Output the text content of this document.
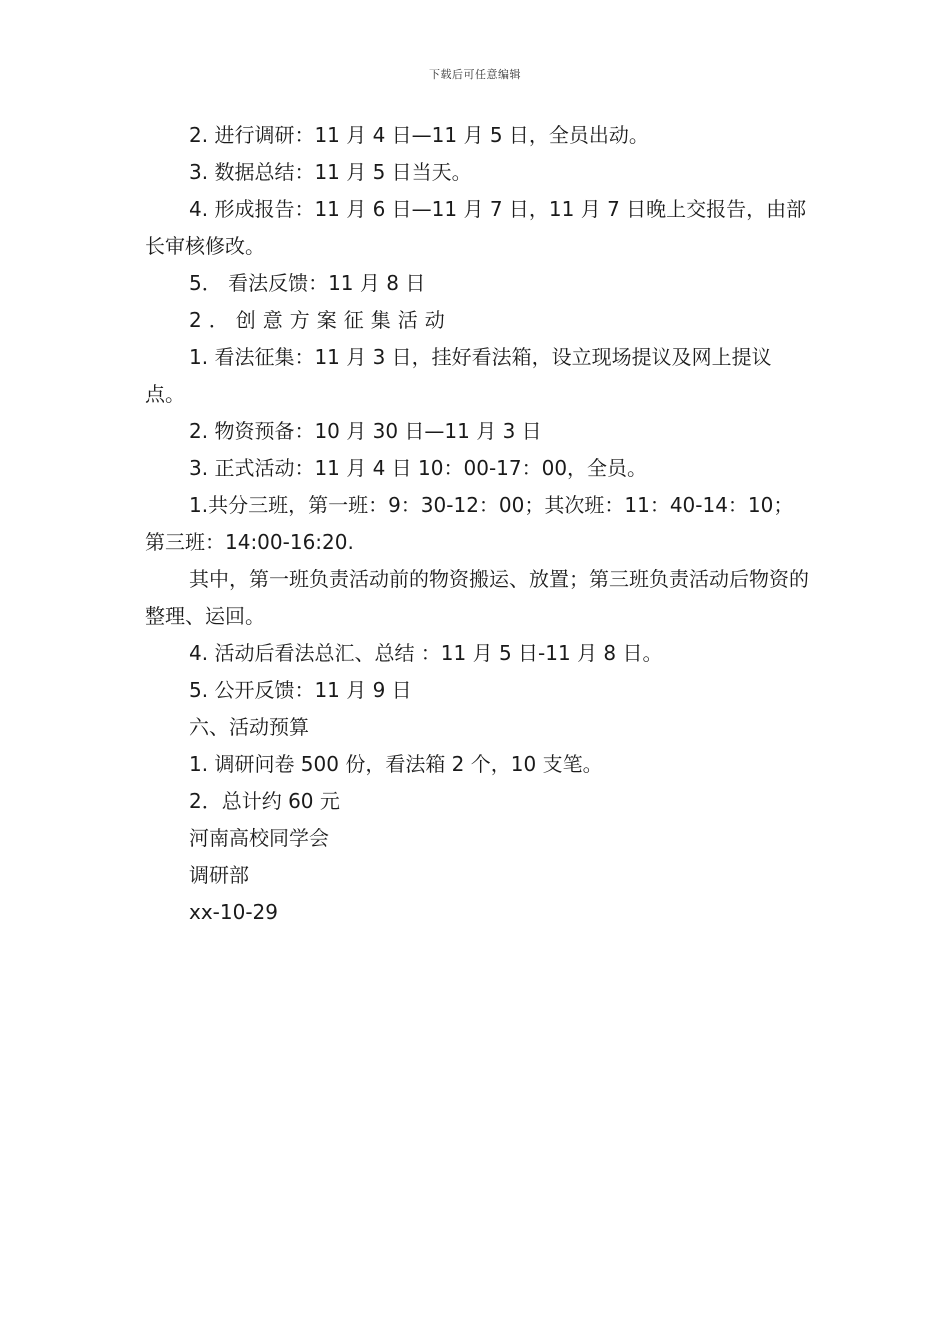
下载后可任意编辑

2. 进行调研：11 月 4 日—11 月 5 日，全员出动。

3. 数据总结：11 月 5 日当天。

4. 形成报告：11 月 6 日—11 月 7 日，11 月 7 日晚上交报告，由部长审核修改。

5． 看法反馈：11 月 8 日

2．创意方案征集活动

1. 看法征集：11 月 3 日，挂好看法箱，设立现场提议及网上提议点。

2. 物资预备：10 月 30 日—11 月 3 日

3. 正式活动：11 月 4 日 10：00-17：00，全员。

1.共分三班，第一班：9：30-12：00；其次班：11：40-14：10；第三班：14:00-16:20.

其中，第一班负责活动前的物资搬运、放置；第三班负责活动后物资的整理、运回。

4. 活动后看法总汇、总结 ：11 月 5 日-11 月 8 日。

5. 公开反馈：11 月 9 日

六、活动预算

1. 调研问卷 500 份，看法箱 2 个，10 支笔。

2．总计约 60 元

河南高校同学会

调研部

xx-10-29
